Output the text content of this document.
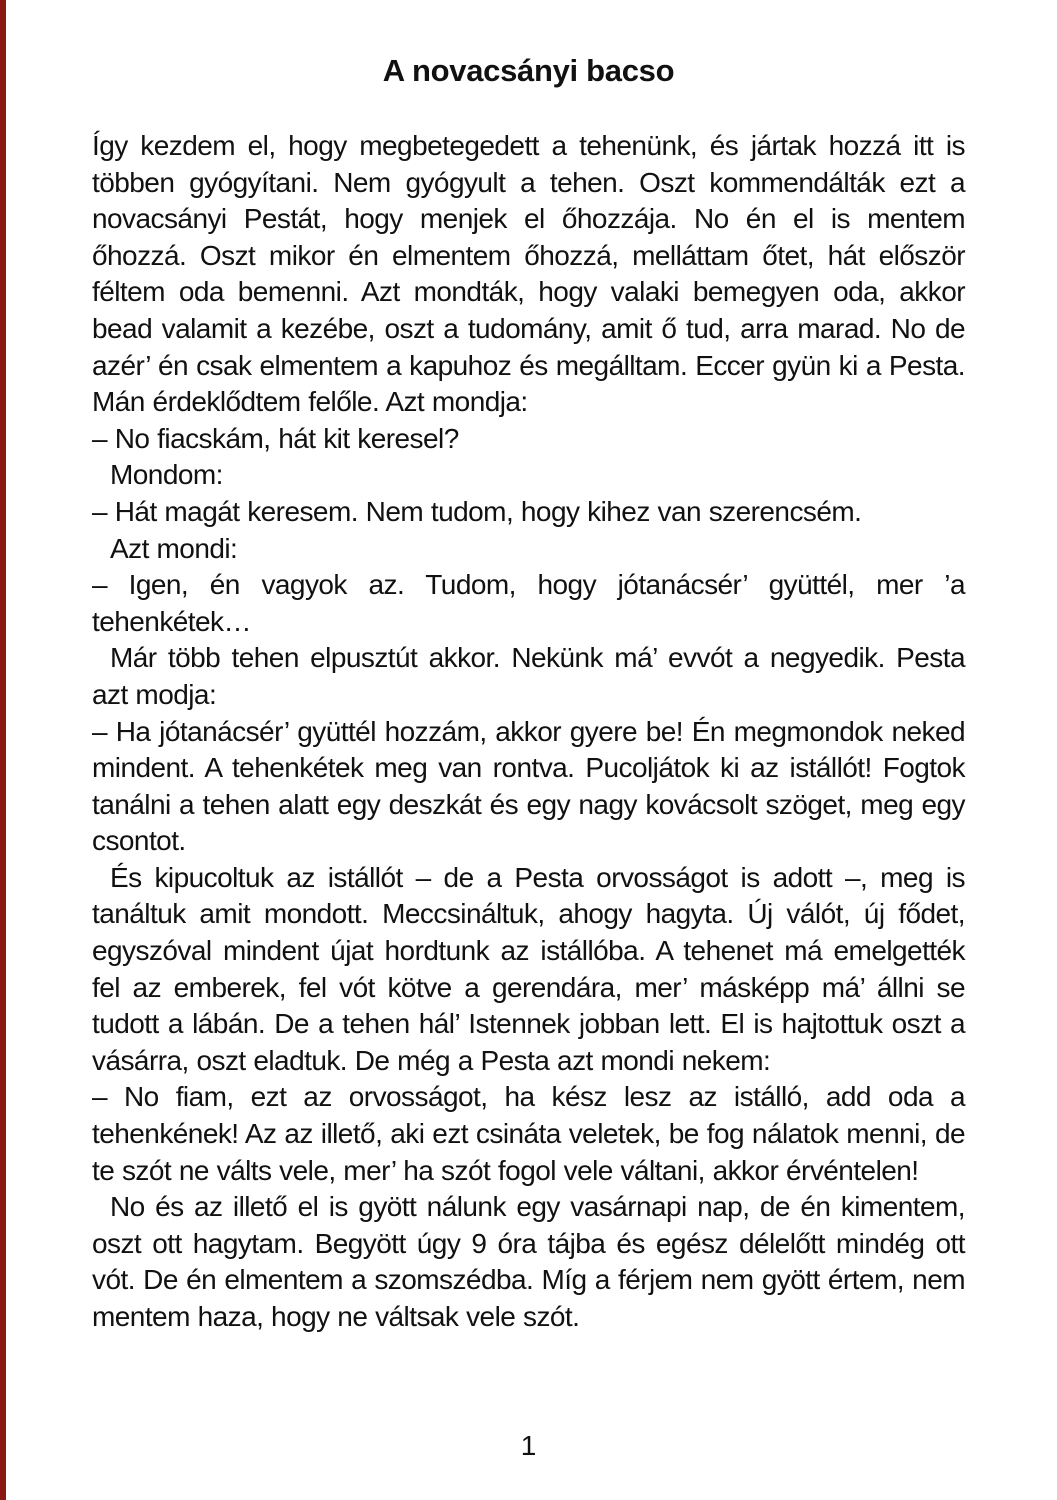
A novacsányi bacso

Így kezdem el, hogy megbetegedett a tehenünk, és jártak hozzá itt is többen gyógyítani. Nem gyógyult a tehen. Oszt kommendálták ezt a novacsányi Pestát, hogy menjek el őhozzája. No én el is mentem őhozzá. Oszt mikor én elmentem őhozzá, melláttam őtet, hát először féltem oda bemenni. Azt mondták, hogy valaki bemegyen oda, akkor bead valamit a kezébe, oszt a tudomány, amit ő tud, arra marad. No de azér’ én csak elmentem a kapuhoz és megálltam. Eccer gyün ki a Pesta. Mán érdeklődtem felőle. Azt mondja:

– No fiacskám, hát kit keresel?

Mondom:

– Hát magát keresem. Nem tudom, hogy kihez van szerencsém.

Azt mondi:

– Igen, én vagyok az. Tudom, hogy jótanácsér’ gyüttél, mer ’a tehenkétek…

Már több tehen elpusztút akkor. Nekünk má’ evvót a negyedik. Pesta azt modja:

– Ha jótanácsér’ gyüttél hozzám, akkor gyere be! Én megmondok neked mindent. A tehenkétek meg van rontva. Pucoljátok ki az istállót! Fogtok tanálni a tehen alatt egy deszkát és egy nagy kovácsolt szöget, meg egy csontot.

És kipucoltuk az istállót – de a Pesta orvosságot is adott –, meg is tanáltuk amit mondott. Meccsináltuk, ahogy hagyta. Új válót, új fődet, egyszóval mindent újat hordtunk az istállóba. A tehenet má emelgették fel az emberek, fel vót kötve a gerendára, mer’ másképp má’ állni se tudott a lábán. De a tehen hál’ Istennek jobban lett. El is hajtottuk oszt a vásárra, oszt eladtuk. De még a Pesta azt mondi nekem:

– No fiam, ezt az orvosságot, ha kész lesz az istálló, add oda a tehenkének! Az az illető, aki ezt csináta veletek, be fog nálatok menni, de te szót ne válts vele, mer’ ha szót fogol vele váltani, akkor érvéntelen!

No és az illető el is gyött nálunk egy vasárnapi nap, de én kimentem, oszt ott hagytam. Begyött úgy 9 óra tájba és egész délelőtt mindég ott vót. De én elmentem a szomszédba. Míg a férjem nem gyött értem, nem mentem haza, hogy ne váltsak vele szót.

1
